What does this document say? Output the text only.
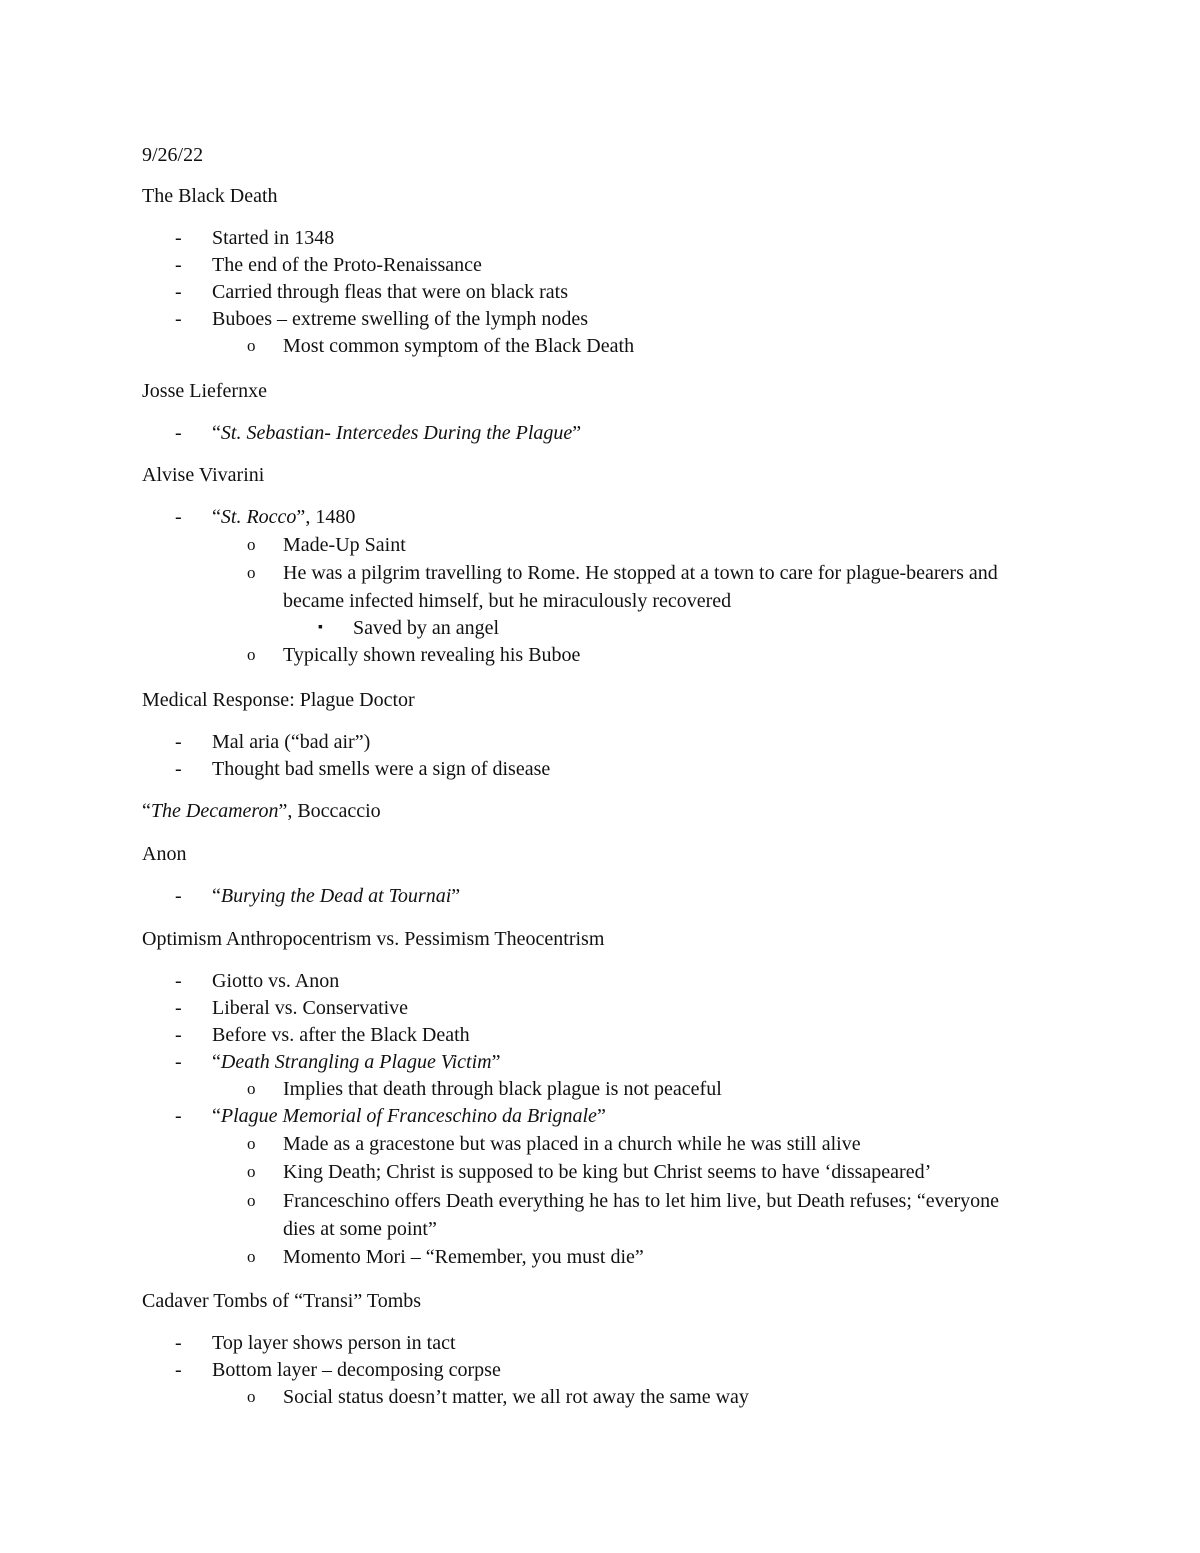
9/26/22
The Black Death
-	Started in 1348
-	The end of the Proto-Renaissance
-	Carried through fleas that were on black rats
-	Buboes – extreme swelling of the lymph nodes
o	Most common symptom of the Black Death
Josse Liefernxe
-	“St. Sebastian- Intercedes During the Plague”
Alvise Vivarini
-	“St. Rocco”, 1480
o	Made-Up Saint
o	He was a pilgrim travelling to Rome. He stopped at a town to care for plague-bearers and
became infected himself, but he miraculously recovered
▪	Saved by an angel
o	Typically shown revealing his Buboe
Medical Response: Plague Doctor
-	Mal aria (“bad air”)
-	Thought bad smells were a sign of disease
“The Decameron”, Boccaccio
Anon
-	“Burying the Dead at Tournai”
Optimism Anthropocentrism vs. Pessimism Theocentrism
-	Giotto vs. Anon
-	Liberal vs. Conservative
-	Before vs. after the Black Death
-	“Death Strangling a Plague Victim”
o	Implies that death through black plague is not peaceful
-	“Plague Memorial of Franceschino da Brignale”
o	Made as a gracestone but was placed in a church while he was still alive
o	King Death; Christ is supposed to be king but Christ seems to have ‘dissapeared’
o	Franceschino offers Death everything he has to let him live, but Death refuses; “everyone
dies at some point”
o	Momento Mori – “Remember, you must die”
Cadaver Tombs of “Transi” Tombs
-	Top layer shows person in tact
-	Bottom layer – decomposing corpse
o	Social status doesn’t matter, we all rot away the same way
